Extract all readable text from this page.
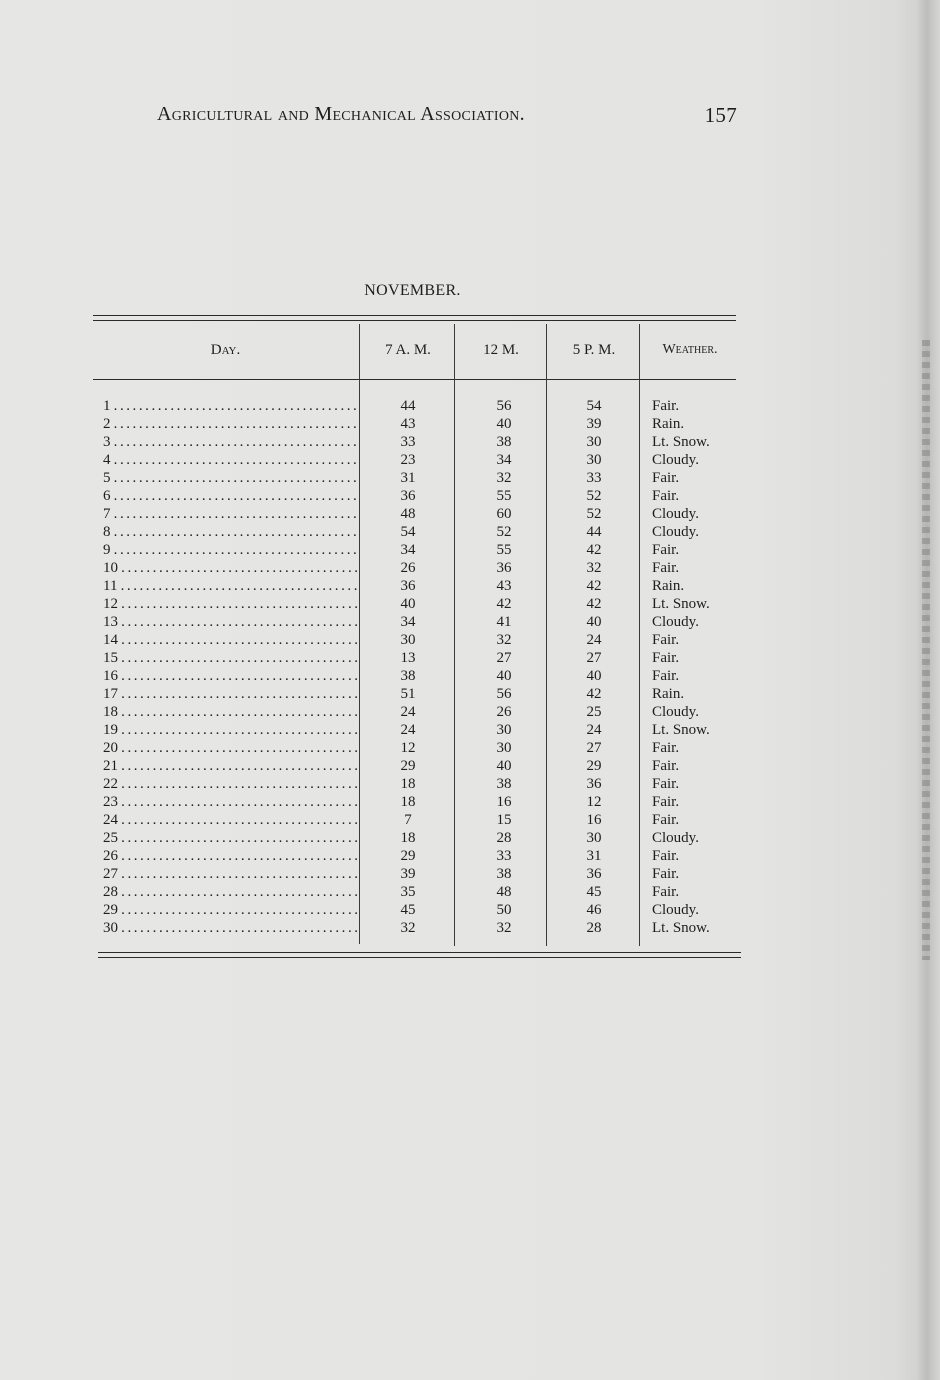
Agricultural and Mechanical Association.	157
NOVEMBER.
Day.	7 A. M.	12 M.	5 P. M.	Weather.
1 . . .	44	56	54	Fair.
2 . . .	43	40	39	Rain.
3 . . .	33	38	30	Lt. Snow.
4 . . .	23	34	30	Cloudy.
5 . . .	31	32	33	Fair.
6 . . .	36	55	52	Fair.
7 . . .	48	60	52	Cloudy.
8 . . .	54	52	44	Cloudy.
9 . . .	34	55	42	Fair.
10 . . .	26	36	32	Fair.
11 . . .	36	43	42	Rain.
12 . . .	40	42	42	Lt. Snow.
13 . . .	34	41	40	Cloudy.
14 . . .	30	32	24	Fair.
15 . . .	13	27	27	Fair.
16 . . .	38	40	40	Fair.
17 . . .	51	56	42	Rain.
18 . . .	24	26	25	Cloudy.
19 . . .	24	30	24	Lt. Snow.
20 . . .	12	30	27	Fair.
21 . . .	29	40	29	Fair.
22 . . .	18	38	36	Fair.
23 . . .	18	16	12	Fair.
24 . . .	7	15	16	Fair.
25 . . .	18	28	30	Cloudy.
26 . . .	29	33	31	Fair.
27 . . .	39	38	36	Fair.
28 . . .	35	48	45	Fair.
29 . . .	45	50	46	Cloudy.
30 . . .	32	32	28	Lt. Snow.
